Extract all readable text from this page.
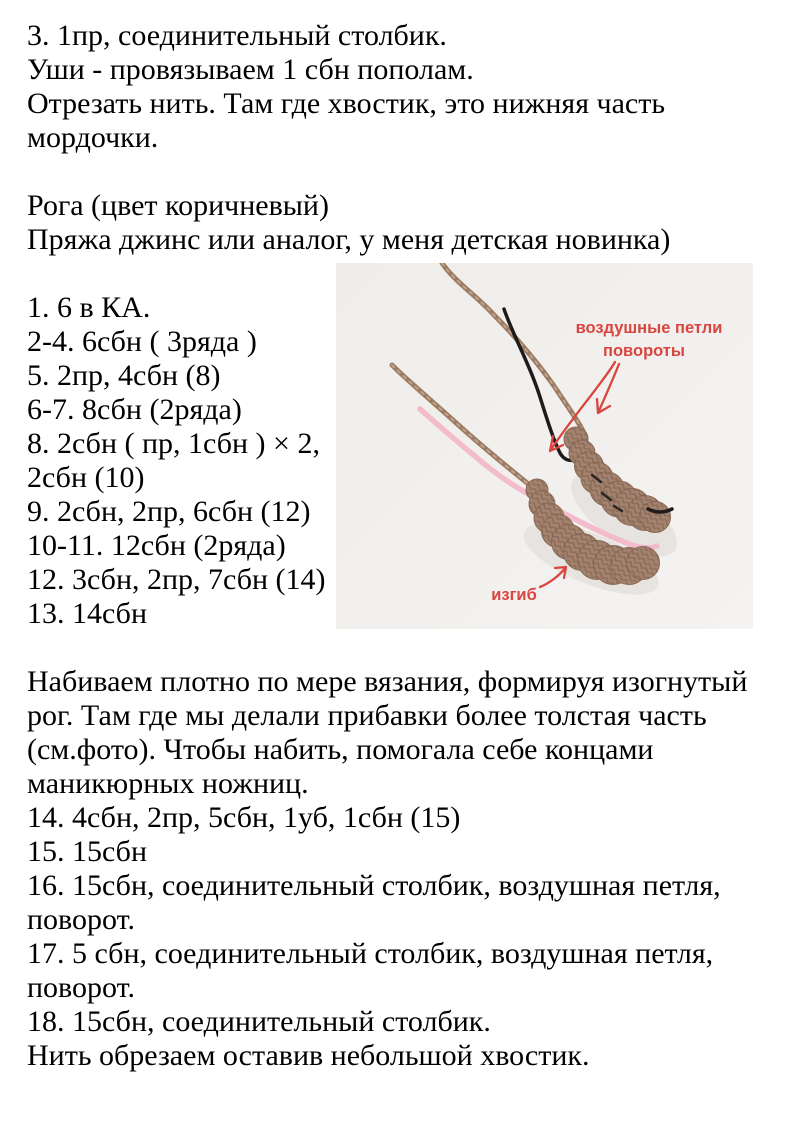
3. 1пр, соединительный столбик.
Уши - провязываем 1 сбн пополам.
Отрезать нить. Там где хвостик, это нижняя часть
мордочки.
Рога (цвет коричневый)
Пряжа джинс или аналог, у меня детская новинка)
1. 6 в КА.
2-4. 6сбн ( 3ряда )
5. 2пр, 4сбн (8)
6-7. 8сбн (2ряда)
8. 2сбн ( пр, 1сбн ) × 2,
2сбн (10)
9. 2сбн, 2пр, 6сбн (12)
10-11. 12сбн (2ряда)
12. 3сбн, 2пр, 7сбн (14)
13. 14сбн
Набиваем плотно по мере вязания, формируя изогнутый
рог. Там где мы делали прибавки более толстая часть
(см.фото). Чтобы набить, помогала себе концами
маникюрных ножниц.
14. 4сбн, 2пр, 5сбн, 1уб, 1сбн (15)
15. 15сбн
16. 15сбн, соединительный столбик, воздушная петля,
поворот.
17. 5 сбн, соединительный столбик, воздушная петля,
поворот.
18. 15сбн, соединительный столбик.
Нить обрезаем оставив небольшой хвостик.
воздушные петли
повороты
изгиб
